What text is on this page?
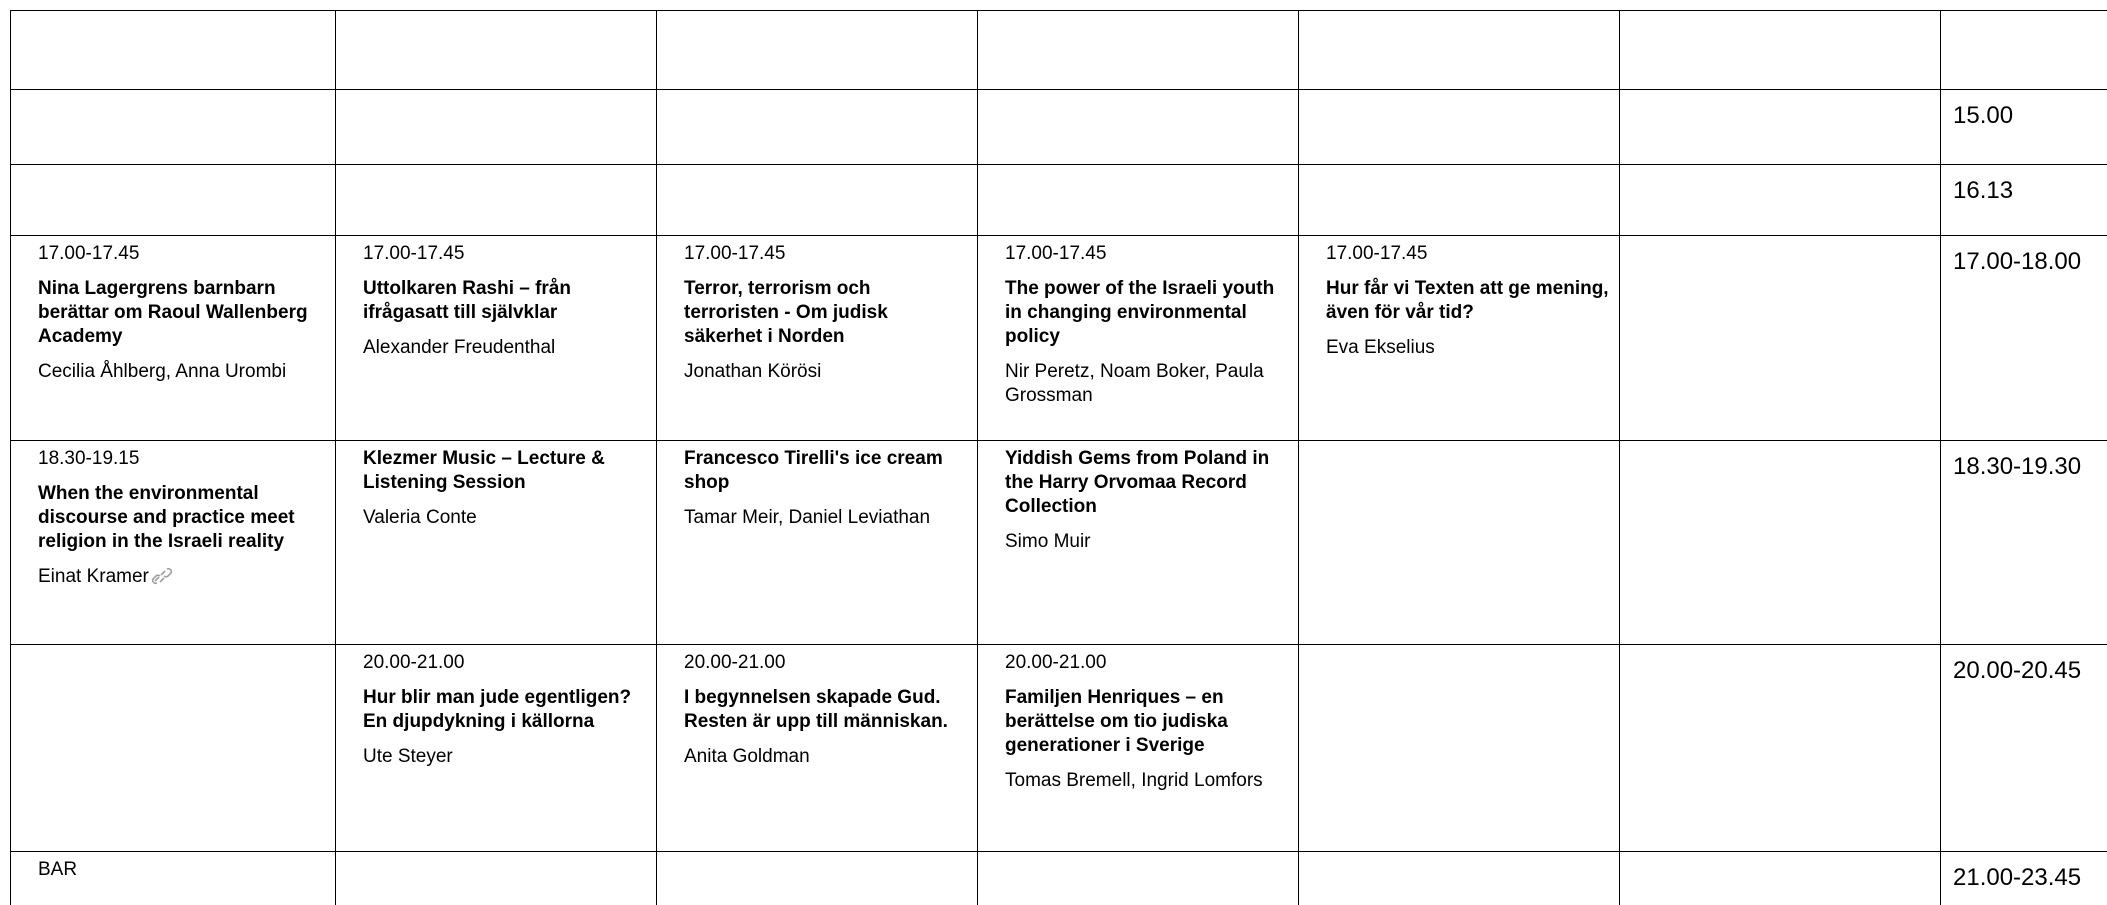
15.00
16.13
17.00-17.45
Nina Lagergrens barnbarn berättar om Raoul Wallenberg Academy
Cecilia Åhlberg, Anna Urombi
17.00-17.45
Uttolkaren Rashi – från ifrågasatt till självklar
Alexander Freudenthal
17.00-17.45
Terror, terrorism och terroristen - Om judisk säkerhet i Norden
Jonathan Körösi
17.00-17.45
The power of the Israeli youth in changing environmental policy
Nir Peretz, Noam Boker, Paula Grossman
17.00-17.45
Hur får vi Texten att ge mening, även för vår tid?
Eva Ekselius
17.00-18.00
18.30-19.15
When the environmental discourse and practice meet religion in the Israeli reality
Einat Kramer
Klezmer Music – Lecture & Listening Session
Valeria Conte
Francesco Tirelli's ice cream shop
Tamar Meir, Daniel Leviathan
Yiddish Gems from Poland in the Harry Orvomaa Record Collection
Simo Muir
18.30-19.30
20.00-21.00
Hur blir man jude egentligen? En djupdykning i källorna
Ute Steyer
20.00-21.00
I begynnelsen skapade Gud. Resten är upp till människan.
Anita Goldman
20.00-21.00
Familjen Henriques – en berättelse om tio judiska generationer i Sverige
Tomas Bremell, Ingrid Lomfors
20.00-20.45
BAR	21.00-23.45
